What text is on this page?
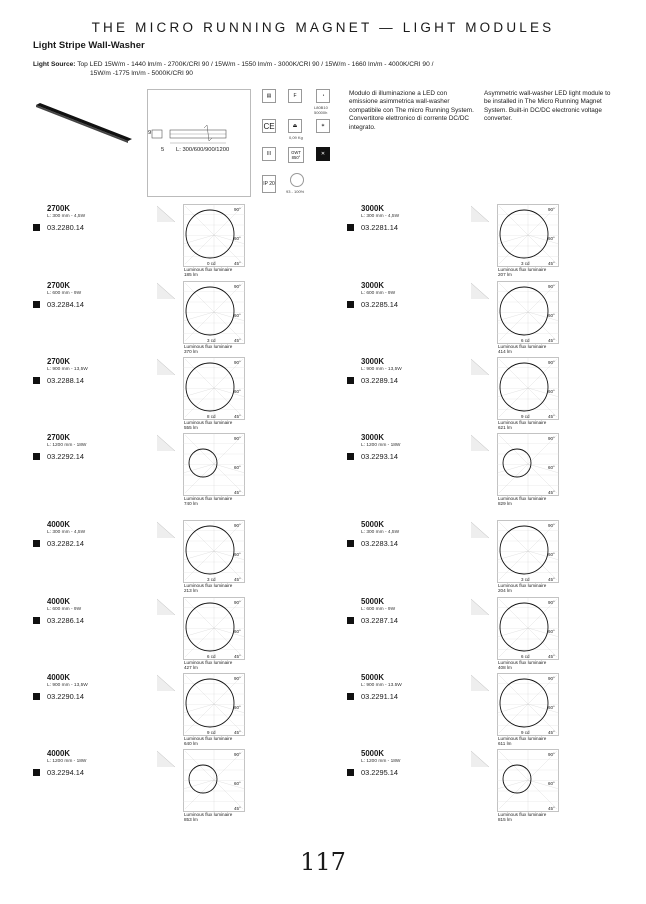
THE MICRO RUNNING MAGNET — LIGHT MODULES
Light Stripe Wall-Washer
Light Source: Top LED 15W/m - 1440 lm/m - 2700K/CRI 90 / 15W/m - 1550 lm/m - 3000K/CRI 90 / 15W/m - 1660 lm/m - 4000K/CRI 90 /
15W/m -1775 lm/m - 5000K/CRI 90
5 L: 300/600/900/1200
9
▤	F	◔
L80B10 50000h
CE	⏏
0,09 Kg
✶
III	GWT 850°
✕
IP 20
93 - 100%
Modulo di illuminazione a LED con emissione asimmetrica wall-washer compatibile con The micro Running System. Convertitore elettronico di corrente DC/DC integrato.
Asymmetric wall-washer LED light module to be installed in The Micro Running Magnet System. Built-in DC/DC electronic voltage converter.
2700K
L: 300 mm - 4,5W
03.2280.14
Luminous flux luminaire
185 lm
90°
60°
45°
0 cd
3000K
L: 300 mm - 4,5W
03.2281.14
Luminous flux luminaire
207 lm
90°
60°
45°
3 cd
2700K
L: 600 mm - 9W
03.2284.14
Luminous flux luminaire
370 lm
90°
60°
45°
3 cd
3000K
L: 600 mm - 9W
03.2285.14
Luminous flux luminaire
414 lm
90°
60°
45°
6 cd
2700K
L: 900 mm - 13,5W
03.2288.14
Luminous flux luminaire
555 lm
90°
60°
45°
8 cd
3000K
L: 900 mm - 13,5W
03.2289.14
Luminous flux luminaire
621 lm
90°
60°
45°
9 cd
2700K
L: 1200 mm - 18W
03.2292.14
Luminous flux luminaire
740 lm
90°
60°
45°
3000K
L: 1200 mm - 18W
03.2293.14
Luminous flux luminaire
829 lm
90°
60°
45°
4000K
L: 300 mm - 4,5W
03.2282.14
Luminous flux luminaire
213 lm
90°
60°
45°
3 cd
5000K
L: 300 mm - 4,5W
03.2283.14
Luminous flux luminaire
204 lm
90°
60°
45°
3 cd
4000K
L: 600 mm - 9W
03.2286.14
Luminous flux luminaire
427 lm
90°
60°
45°
6 cd
5000K
L: 600 mm - 9W
03.2287.14
Luminous flux luminaire
408 lm
90°
60°
45°
6 cd
4000K
L: 900 mm - 13,5W
03.2290.14
Luminous flux luminaire
640 lm
90°
60°
45°
9 cd
5000K
L: 900 mm - 13.5W
03.2291.14
Luminous flux luminaire
611 lm
90°
60°
45°
9 cd
4000K
L: 1200 mm - 18W
03.2294.14
Luminous flux luminaire
853 lm
90°
60°
45°
5000K
L: 1200 mm - 18W
03.2295.14
Luminous flux luminaire
815 lm
90°
60°
45°
117
